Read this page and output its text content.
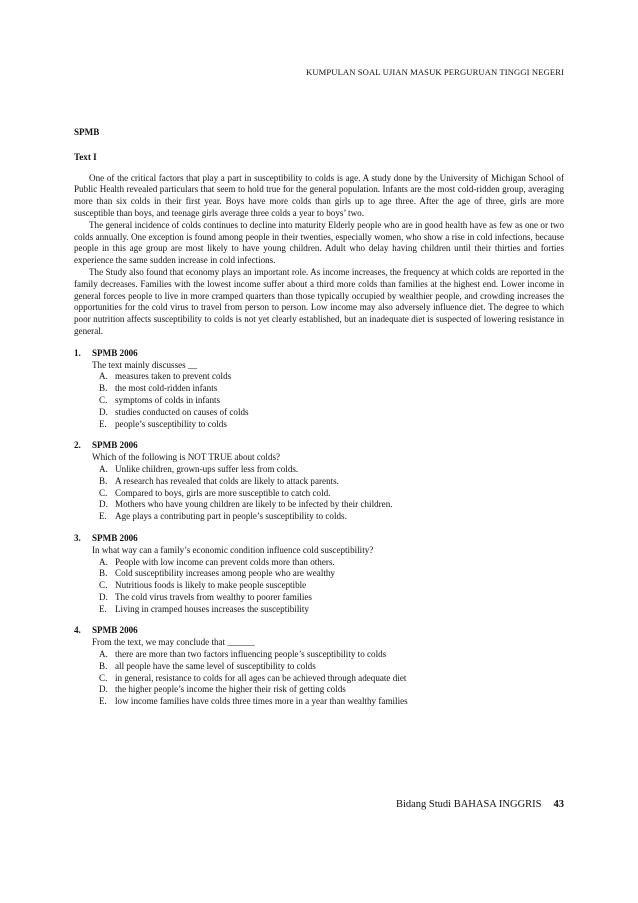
KUMPULAN SOAL UJIAN MASUK PERGURUAN TINGGI NEGERI

SPMB

Text I

One of the critical factors that play a part in susceptibility to colds is age. A study done by the University of Michigan School of Public Health revealed particulars that seem to hold true for the general population. Infants are the most cold-ridden group, averaging more than six colds in their first year. Boys have more colds than girls up to age three. After the age of three, girls are more susceptible than boys, and teenage girls average three colds a year to boys’ two.

The general incidence of colds continues to decline into maturity Elderly people who are in good health have as few as one or two colds annually. One exception is found among people in their twenties, especially women, who show a rise in cold infections, because people in this age group are most likely to have young children. Adult who delay having children until their thirties and forties experience the same sudden increase in cold infections.

The Study also found that economy plays an important role. As income increases, the frequency at which colds are reported in the family decreases. Families with the lowest income suffer about a third more colds than families at the highest end. Lower income in general forces people to live in more cramped quarters than those typically occupied by wealthier people, and crowding increases the opportunities for the cold virus to travel from person to person. Low income may also adversely influence diet. The degree to which poor nutrition affects susceptibility to colds is not yet clearly established, but an inadequate diet is suspected of lowering resistance in general.

1. SPMB 2006
The text mainly discusses __
A. measures taken to prevent colds
B. the most cold-ridden infants
C. symptoms of colds in infants
D. studies conducted on causes of colds
E. people’s susceptibility to colds
2. SPMB 2006
Which of the following is NOT TRUE about colds?
A. Unlike children, grown-ups suffer less from colds.
B. A research has revealed that colds are likely to attack parents.
C. Compared to boys, girls are more susceptible to catch cold.
D. Mothers who have young children are likely to be infected by their children.
E. Age plays a contributing part in people’s susceptibility to colds.
3. SPMB 2006
In what way can a family’s economic condition influence cold susceptibility?
A. People with low income can prevent colds more than others.
B. Cold susceptibility increases among people who are wealthy
C. Nutritious foods is likely to make people susceptible
D. The cold virus travels from wealthy to poorer families
E. Living in cramped houses increases the susceptibility
4. SPMB 2006
From the text, we may conclude that ______
A. there are more than two factors influencing people’s susceptibility to colds
B. all people have the same level of susceptibility to colds
C. in general, resistance to colds for all ages can be achieved through adequate diet
D. the higher people’s income the higher their risk of getting colds
E. low income families have colds three times more in a year than wealthy families
Bidang Studi BAHASA INGGRIS 43
